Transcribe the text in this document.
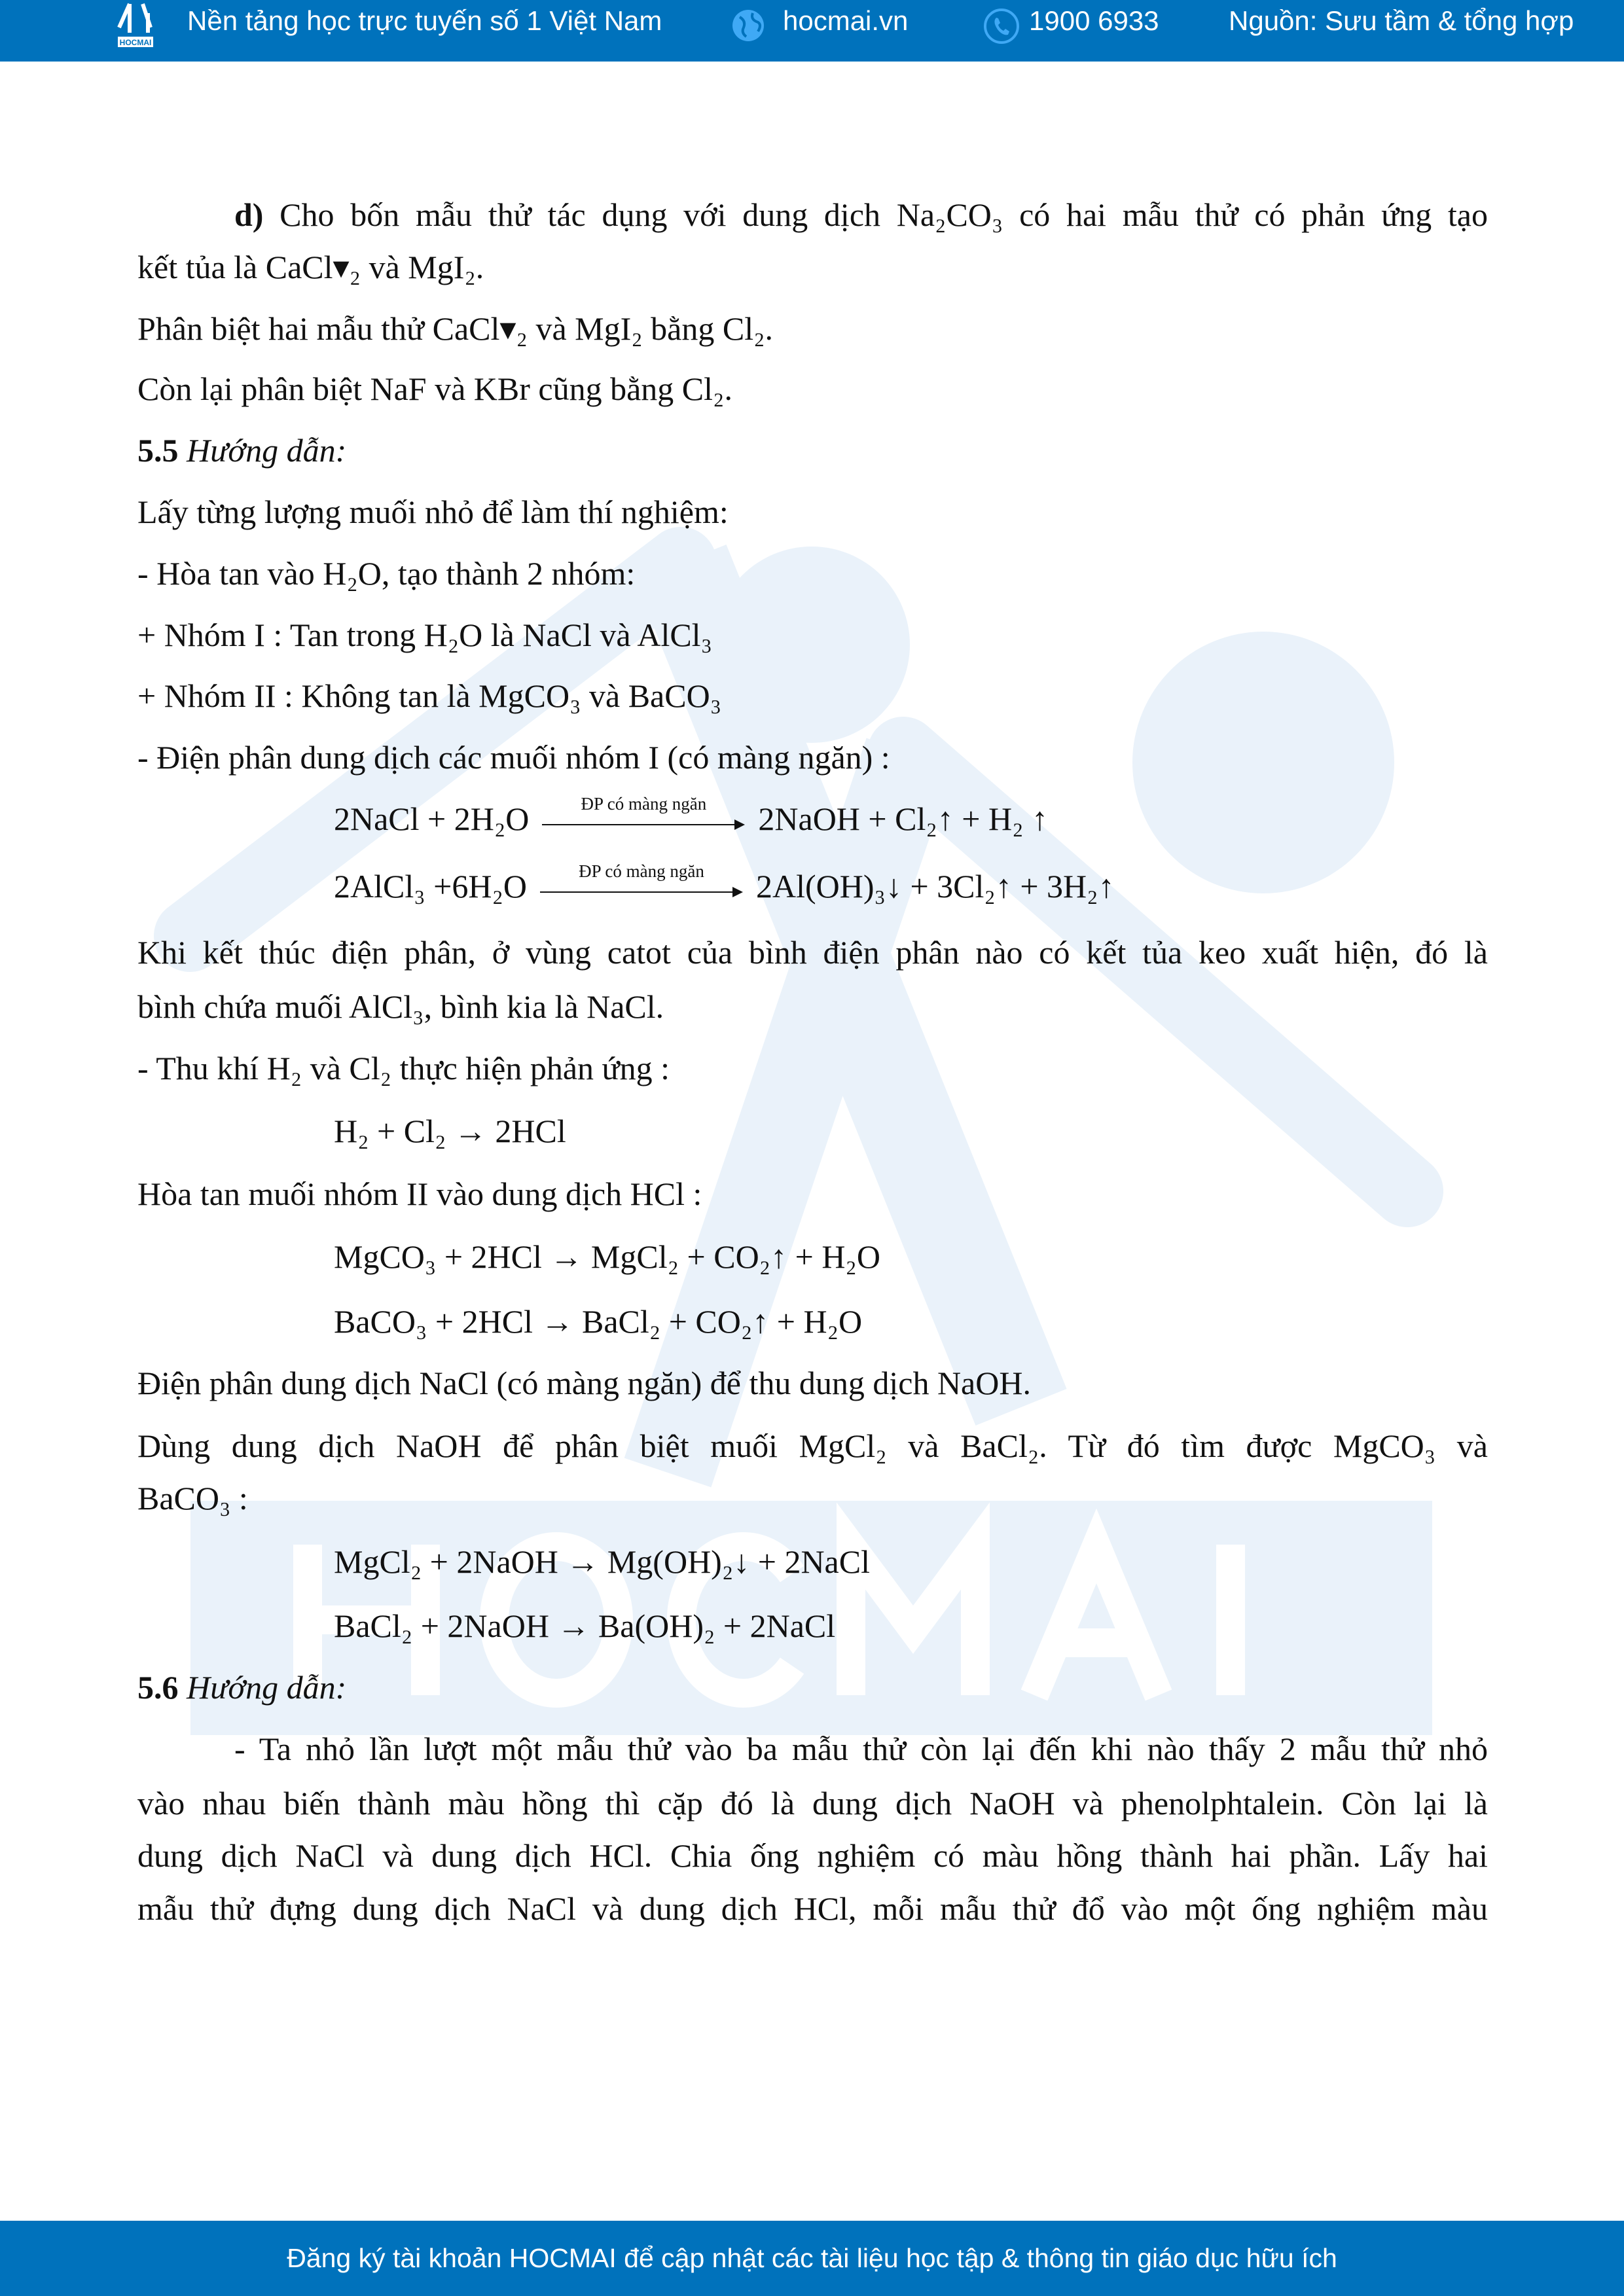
HOCMAI
Nền tảng học trực tuyến số 1 Việt Nam	hocmai.vn	1900 6933	Nguồn: Sưu tầm & tổng hợp
d) Cho bốn mẫu thử tác dụng với dung dịch Na₂CO₃ có hai mẫu thử có phản ứng tạo
kết tủa là CaCl▾₂ và MgI₂.
Phân biệt hai mẫu thử CaCl▾₂ và MgI₂ bằng Cl₂.
Còn lại phân biệt NaF và KBr cũng bằng Cl₂.
5.5 Hướng dẫn:
Lấy từng lượng muối nhỏ để làm thí nghiệm:
- Hòa tan vào H₂O, tạo thành 2 nhóm:
+ Nhóm I : Tan trong H₂O là NaCl và AlCl₃
+ Nhóm II : Không tan là MgCO₃ và BaCO₃
- Điện phân dung dịch các muối nhóm I (có màng ngăn) :
2NaCl + 2H₂O	ĐP có màng ngăn	2NaOH + Cl₂↑ + H₂ ↑
2AlCl₃ +6H₂O	ĐP có màng ngăn	2Al(OH)₃↓ + 3Cl₂↑ + 3H₂↑
Khi kết thúc điện phân, ở vùng catot của bình điện phân nào có kết tủa keo xuất hiện, đó là
bình chứa muối AlCl₃, bình kia là NaCl.
- Thu khí H₂ và Cl₂ thực hiện phản ứng :
H₂ + Cl₂ → 2HCl
Hòa tan muối nhóm II vào dung dịch HCl :
MgCO₃ + 2HCl → MgCl₂ + CO₂↑ + H₂O
BaCO₃ + 2HCl → BaCl₂ + CO₂↑ + H₂O
Điện phân dung dịch NaCl (có màng ngăn) để thu dung dịch NaOH.
Dùng dung dịch NaOH để phân biệt muối MgCl₂ và BaCl₂. Từ đó tìm được MgCO₃ và
BaCO₃ :
MgCl₂ + 2NaOH → Mg(OH)₂↓ + 2NaCl
BaCl₂ + 2NaOH → Ba(OH)₂ + 2NaCl
5.6 Hướng dẫn:
- Ta nhỏ lần lượt một mẫu thử vào ba mẫu thử còn lại đến khi nào thấy 2 mẫu thử nhỏ
vào nhau biến thành màu hồng thì cặp đó là dung dịch NaOH và phenolphtalein. Còn lại là
dung dịch NaCl và dung dịch HCl. Chia ống nghiệm có màu hồng thành hai phần. Lấy hai
mẫu thử đựng dung dịch NaCl và dung dịch HCl, mỗi mẫu thử đổ vào một ống nghiệm màu
Đăng ký tài khoản HOCMAI để cập nhật các tài liệu học tập & thông tin giáo dục hữu ích
